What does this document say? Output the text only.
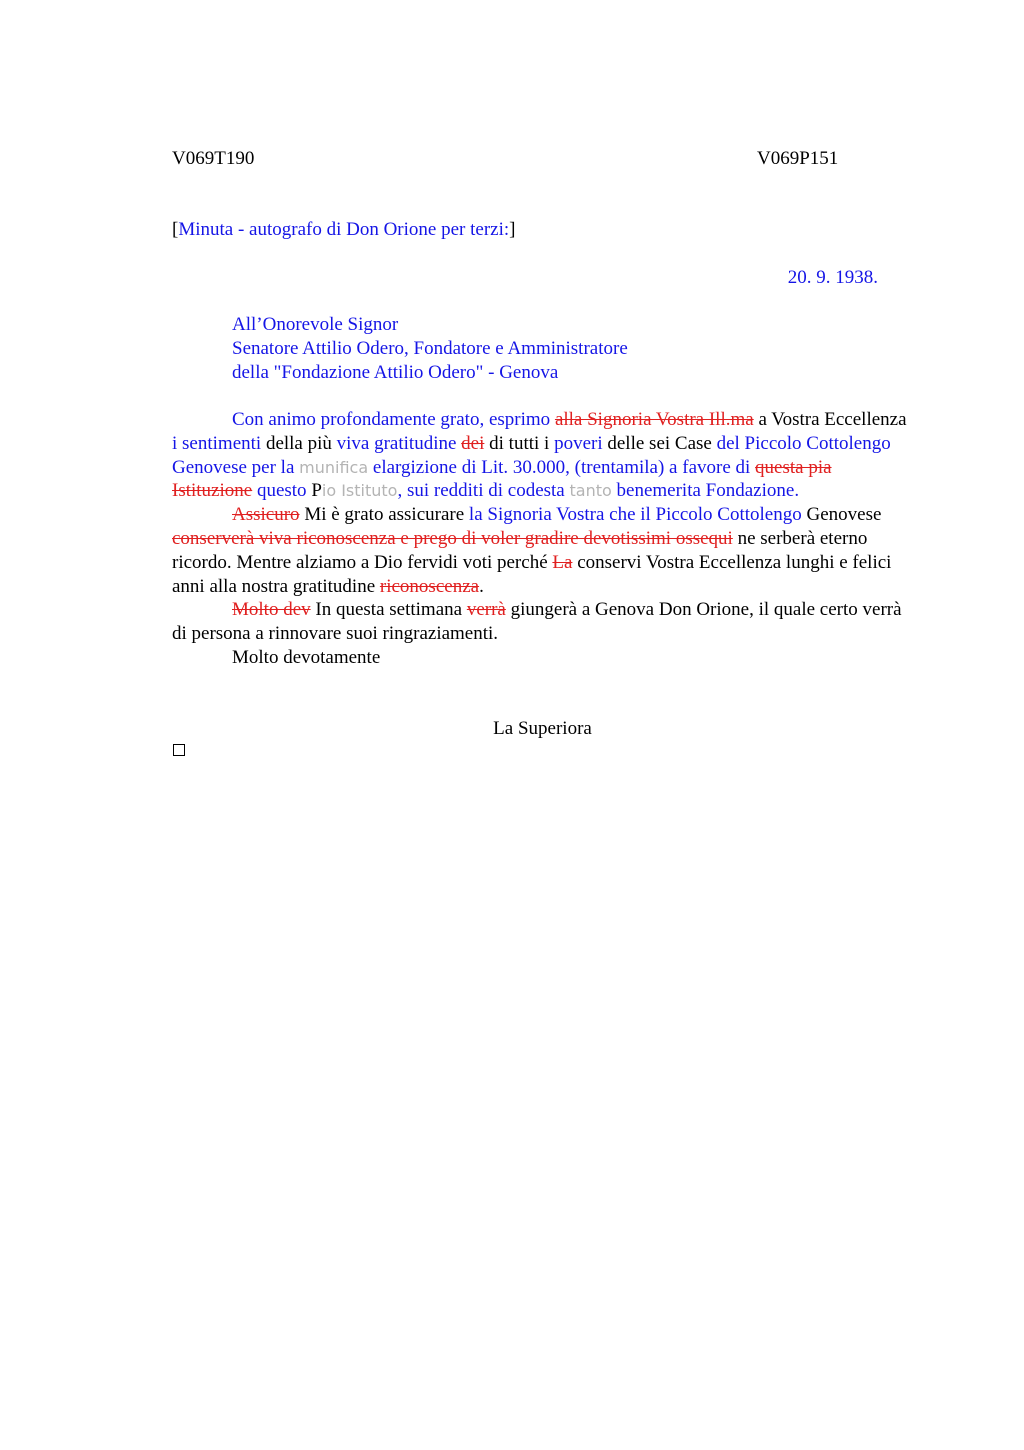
V069T190	V069P151
[Minuta - autografo di Don Orione per terzi:]
20. 9. 1938.
All’Onorevole Signor
Senatore Attilio Odero, Fondatore e Amministratore
della "Fondazione Attilio Odero" - Genova

Con animo profondamente grato, esprimo alla Signoria Vostra Ill.ma a Vostra Eccellenza i sentimenti della più viva gratitudine dei di tutti i poveri delle sei Case del Piccolo Cottolengo Genovese per la munifica elargizione di Lit. 30.000, (trentamila) a favore di questa pia Istituzione questo Pio Istituto, sui redditi di codesta tanto benemerita Fondazione.

Assicuro Mi è grato assicurare la Signoria Vostra che il Piccolo Cottolengo Genovese conserverà viva riconoscenza e prego di voler gradire devotissimi ossequi ne serberà eterno ricordo. Mentre alziamo a Dio fervidi voti perché La conservi Vostra Eccellenza lunghi e felici anni alla nostra gratitudine riconoscenza.

Molto dev In questa settimana verrà giungerà a Genova Don Orione, il quale certo verrà di persona a rinnovare suoi ringraziamenti.

Molto devotamente

La Superiora
